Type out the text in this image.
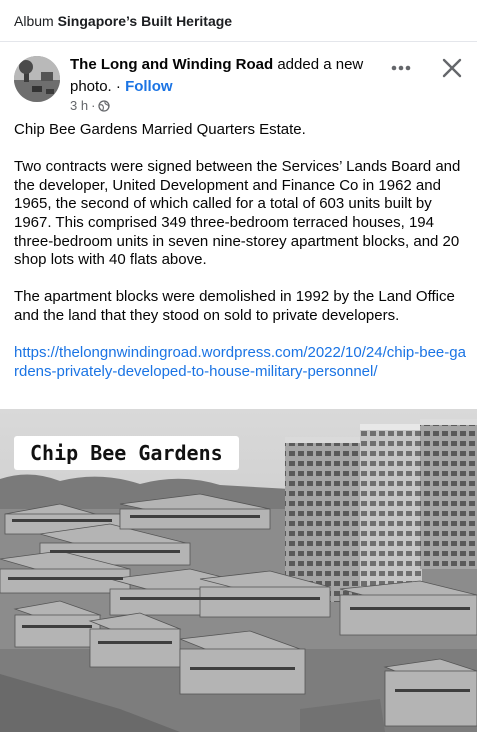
Album Singapore’s Built Heritage
The Long and Winding Road added a new photo. · Follow
3 h ·

Chip Bee Gardens Married Quarters Estate.

Two contracts were signed between the Services’ Lands Board and the developer, United Development and Finance Co in 1962 and 1965, the second of which called for a total of 603 units built by 1967. This comprised 349 three-bedroom terraced houses, 194 three-bedroom units in seven nine-storey apartment blocks, and 20 shop lots with 40 flats above.

The apartment blocks were demolished in 1992 by the Land Office and the land that they stood on sold to private developers.

https://thelongnwindingroad.wordpress.com/2022/10/24/chip-bee-gardens-privately-developed-to-house-military-personnel/

Chip Bee Gardens
